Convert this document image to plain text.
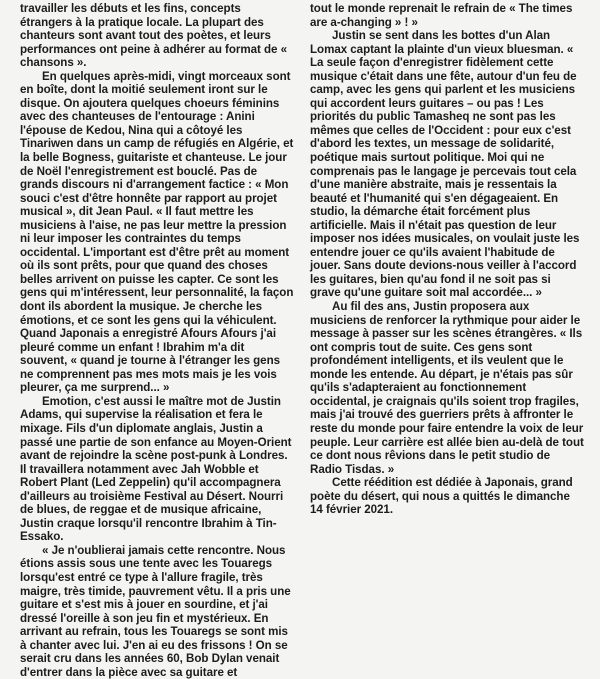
travailler les débuts et les fins, concepts étrangers à la pratique locale. La plupart des chanteurs sont avant tout des poètes, et leurs performances ont peine à adhérer au format de « chansons ».

En quelques après-midi, vingt morceaux sont en boîte, dont la moitié seulement iront sur le disque. On ajoutera quelques choeurs féminins avec des chanteuses de l'entourage : Anini l'épouse de Kedou, Nina qui a côtoyé les Tinariwen dans un camp de réfugiés en Algérie, et la belle Bogness, guitariste et chanteuse. Le jour de Noël l'enregistrement est bouclé. Pas de grands discours ni d'arrangement factice : « Mon souci c'est d'être honnête par rapport au projet musical », dit Jean Paul. « Il faut mettre les musiciens à l'aise, ne pas leur mettre la pression ni leur imposer les contraintes du temps occidental. L'important est d'être prêt au moment où ils sont prêts, pour que quand des choses belles arrivent on puisse les capter. Ce sont les gens qui m'intéressent, leur personnalité, la façon dont ils abordent la musique. Je cherche les émotions, et ce sont les gens qui la véhiculent. Quand Japonais a enregistré Afours Afours j'ai pleuré comme un enfant ! Ibrahim m'a dit souvent, « quand je tourne à l'étranger les gens ne comprennent pas mes mots mais je les vois pleurer, ça me surprend... »

Emotion, c'est aussi le maître mot de Justin Adams, qui supervise la réalisation et fera le mixage. Fils d'un diplomate anglais, Justin a passé une partie de son enfance au Moyen-Orient avant de rejoindre la scène post-punk à Londres. Il travaillera notamment avec Jah Wobble et Robert Plant (Led Zeppelin) qu'il accompagnera d'ailleurs au troisième Festival au Désert. Nourri de blues, de reggae et de musique africaine, Justin craque lorsqu'il rencontre Ibrahim à Tin-Essako.

« Je n'oublierai jamais cette rencontre. Nous étions assis sous une tente avec les Touaregs lorsqu'est entré ce type à l'allure fragile, très maigre, très timide, pauvrement vêtu. Il a pris une guitare et s'est mis à jouer en sourdine, et j'ai dressé l'oreille à son jeu fin et mystérieux. En arrivant au refrain, tous les Touaregs se sont mis à chanter avec lui. J'en ai eu des frissons ! On se serait cru dans les années 60, Bob Dylan venait d'entrer dans la pièce avec sa guitare et

tout le monde reprenait le refrain de « The times are a-changing » ! »

Justin se sent dans les bottes d'un Alan Lomax captant la plainte d'un vieux bluesman. « La seule façon d'enregistrer fidèlement cette musique c'était dans une fête, autour d'un feu de camp, avec les gens qui parlent et les musiciens qui accordent leurs guitares – ou pas ! Les priorités du public Tamasheq ne sont pas les mêmes que celles de l'Occident : pour eux c'est d'abord les textes, un message de solidarité, poétique mais surtout politique. Moi qui ne comprenais pas le langage je percevais tout cela d'une manière abstraite, mais je ressentais la beauté et l'humanité qui s'en dégageaient. En studio, la démarche était forcément plus artificielle. Mais il n'était pas question de leur imposer nos idées musicales, on voulait juste les entendre jouer ce qu'ils avaient l'habitude de jouer. Sans doute devions-nous veiller à l'accord les guitares, bien qu'au fond il ne soit pas si grave qu'une guitare soit mal accordée... »

Au fil des ans, Justin proposera aux musiciens de renforcer la rythmique pour aider le message à passer sur les scènes étrangères. « Ils ont compris tout de suite. Ces gens sont profondément intelligents, et ils veulent que le monde les entende. Au départ, je n'étais pas sûr qu'ils s'adapteraient au fonctionnement occidental, je craignais qu'ils soient trop fragiles, mais j'ai trouvé des guerriers prêts à affronter le reste du monde pour faire entendre la voix de leur peuple. Leur carrière est allée bien au-delà de tout ce dont nous rêvions dans le petit studio de Radio Tisdas. »

Cette réédition est dédiée à Japonais, grand poète du désert, qui nous a quittés le dimanche 14 février 2021.
